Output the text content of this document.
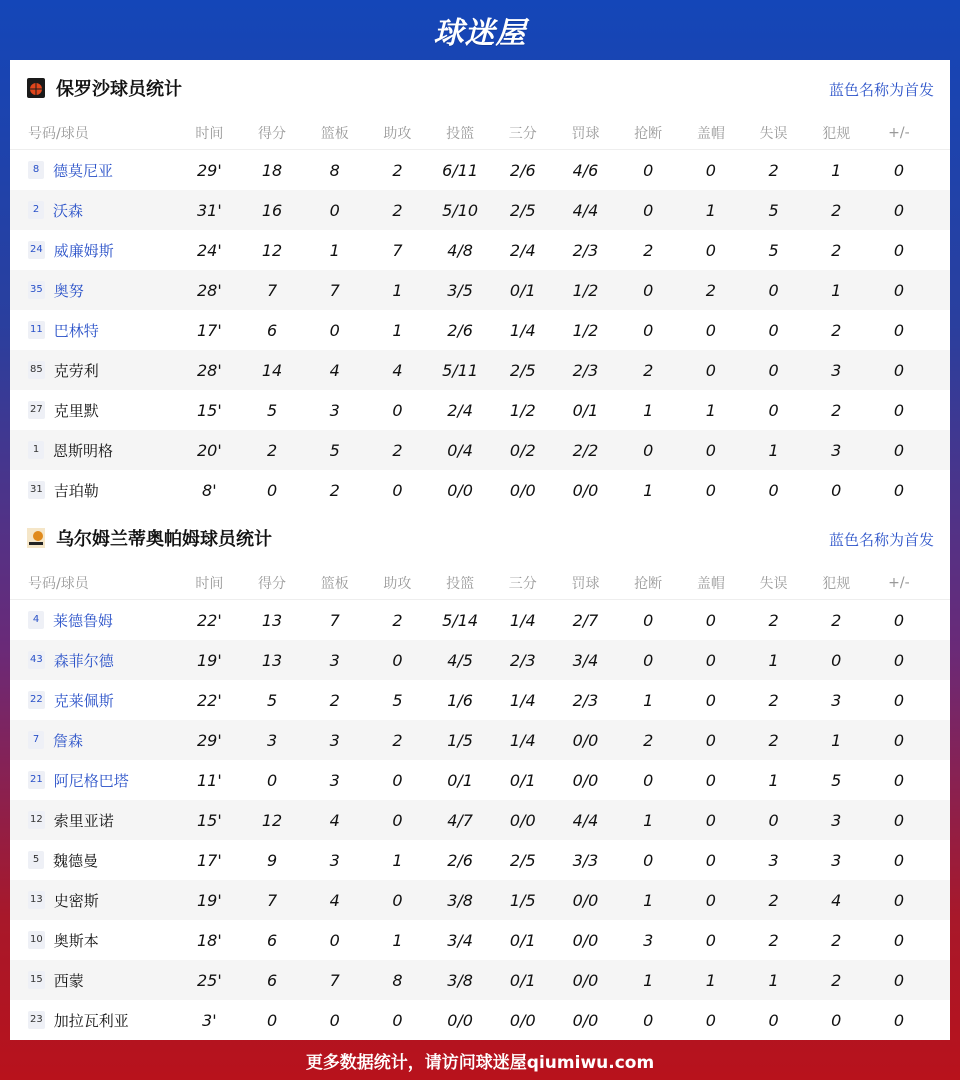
球迷屋
保罗沙球员统计	蓝色名称为首发
号码/球员	时间	得分	篮板	助攻	投篮	三分	罚球	抢断	盖帽	失误	犯规	+/-
8 德莫尼亚	29'	18	8	2	6/11	2/6	4/6	0	0	2	1	0
2 沃森	31'	16	0	2	5/10	2/5	4/4	0	1	5	2	0
24 威廉姆斯	24'	12	1	7	4/8	2/4	2/3	2	0	5	2	0
35 奥努	28'	7	7	1	3/5	0/1	1/2	0	2	0	1	0
11 巴林特	17'	6	0	1	2/6	1/4	1/2	0	0	0	2	0
85 克劳利	28'	14	4	4	5/11	2/5	2/3	2	0	0	3	0
27 克里默	15'	5	3	0	2/4	1/2	0/1	1	1	0	2	0
1 恩斯明格	20'	2	5	2	0/4	0/2	2/2	0	0	1	3	0
31 吉珀勒	8'	0	2	0	0/0	0/0	0/0	1	0	0	0	0
乌尔姆兰蒂奥帕姆球员统计	蓝色名称为首发
号码/球员	时间	得分	篮板	助攻	投篮	三分	罚球	抢断	盖帽	失误	犯规	+/-
4 莱德鲁姆	22'	13	7	2	5/14	1/4	2/7	0	0	2	2	0
43 森菲尔德	19'	13	3	0	4/5	2/3	3/4	0	0	1	0	0
22 克莱佩斯	22'	5	2	5	1/6	1/4	2/3	1	0	2	3	0
7 詹森	29'	3	3	2	1/5	1/4	0/0	2	0	2	1	0
21 阿尼格巴塔	11'	0	3	0	0/1	0/1	0/0	0	0	1	5	0
12 索里亚诺	15'	12	4	0	4/7	0/0	4/4	1	0	0	3	0
5 魏德曼	17'	9	3	1	2/6	2/5	3/3	0	0	3	3	0
13 史密斯	19'	7	4	0	3/8	1/5	0/0	1	0	2	4	0
10 奥斯本	18'	6	0	1	3/4	0/1	0/0	3	0	2	2	0
15 西蒙	25'	6	7	8	3/8	0/1	0/0	1	1	1	2	0
23 加拉瓦利亚	3'	0	0	0	0/0	0/0	0/0	0	0	0	0	0
更多数据统计，请访问球迷屋qiumiwu.com
